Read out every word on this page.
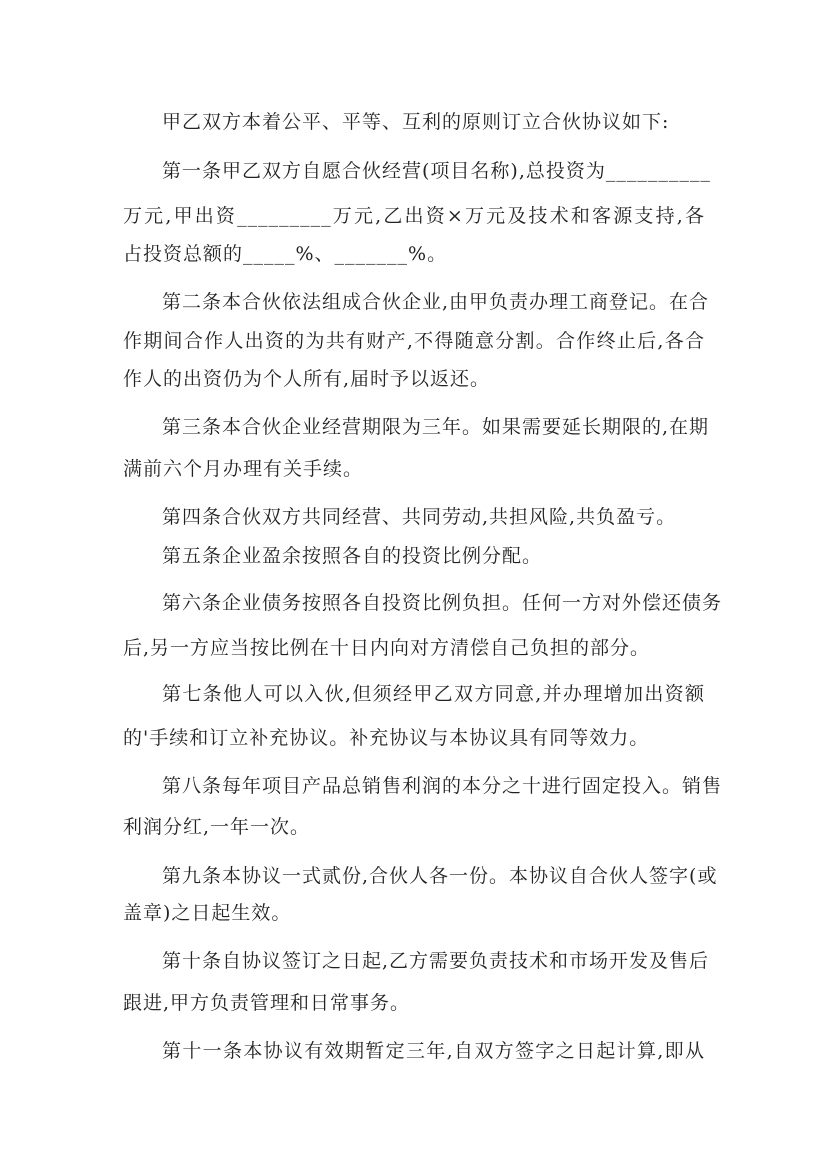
甲乙双方本着公平、平等、互利的原则订立合伙协议如下:
第一条甲乙双方自愿合伙经营(项目名称),总投资为__________
万元,甲出资_________万元,乙出资×万元及技术和客源支持,各
占投资总额的_____%、_______%。
第二条本合伙依法组成合伙企业,由甲负责办理工商登记。在合
作期间合作人出资的为共有财产,不得随意分割。合作终止后,各合
作人的出资仍为个人所有,届时予以返还。
第三条本合伙企业经营期限为三年。如果需要延长期限的,在期
满前六个月办理有关手续。
第四条合伙双方共同经营、共同劳动,共担风险,共负盈亏。
第五条企业盈余按照各自的投资比例分配。
第六条企业债务按照各自投资比例负担。任何一方对外偿还债务
后,另一方应当按比例在十日内向对方清偿自己负担的部分。
第七条他人可以入伙,但须经甲乙双方同意,并办理增加出资额
的'手续和订立补充协议。补充协议与本协议具有同等效力。
第八条每年项目产品总销售利润的本分之十进行固定投入。销售
利润分红,一年一次。
第九条本协议一式贰份,合伙人各一份。本协议自合伙人签字(或
盖章)之日起生效。
第十条自协议签订之日起,乙方需要负责技术和市场开发及售后
跟进,甲方负责管理和日常事务。
第十一条本协议有效期暂定三年,自双方签字之日起计算,即从
